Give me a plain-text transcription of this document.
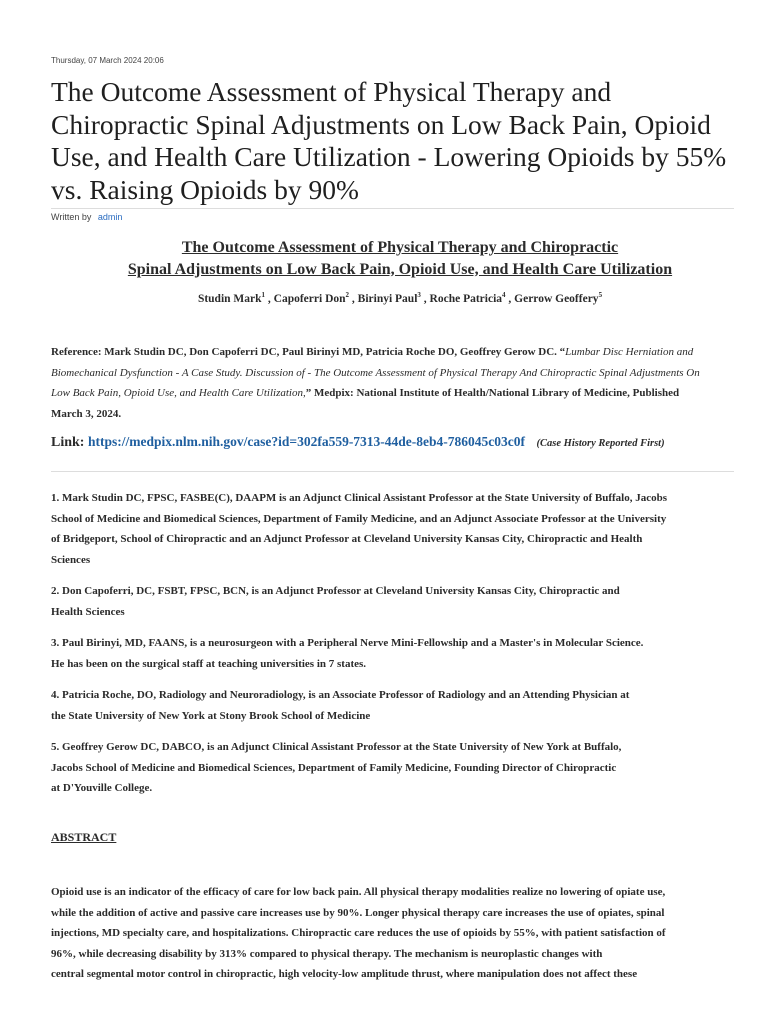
Thursday, 07 March 2024 20:06
The Outcome Assessment of Physical Therapy and Chiropractic Spinal Adjustments on Low Back Pain, Opioid Use, and Health Care Utilization - Lowering Opioids by 55% vs. Raising Opioids by 90%
Written by admin
The Outcome Assessment of Physical Therapy and Chiropractic
Spinal Adjustments on Low Back Pain, Opioid Use, and Health Care Utilization
Studin Mark$^1$ , Capoferri Don$^2$ , Birinyi Paul$^3$ , Roche Patricia$^4$ , Gerrow Geoffery$^5$
Reference: Mark Studin DC, Don Capoferri DC, Paul Birinyi MD, Patricia Roche DO, Geoffrey Gerow DC. “Lumbar Disc Herniation and Biomechanical Dysfunction - A Case Study. Discussion of - The Outcome Assessment of Physical Therapy And Chiropractic Spinal Adjustments On Low Back Pain, Opioid Use, and Health Care Utilization,” Medpix: National Institute of Health/National Library of Medicine, Published March 3, 2024.
Link: https://medpix.nlm.nih.gov/case?id=302fa559-7313-44de-8eb4-786045c03c0f (Case History Reported First)

1. Mark Studin DC, FPSC, FASBE(C), DAAPM is an Adjunct Clinical Assistant Professor at the State University of Buffalo, Jacobs
School of Medicine and Biomedical Sciences, Department of Family Medicine, and an Adjunct Associate Professor at the University
of Bridgeport, School of Chiropractic and an Adjunct Professor at Cleveland University Kansas City, Chiropractic and Health
Sciences

2. Don Capoferri, DC, FSBT, FPSC, BCN, is an Adjunct Professor at Cleveland University Kansas City, Chiropractic and
Health Sciences

3. Paul Birinyi, MD, FAANS, is a neurosurgeon with a Peripheral Nerve Mini-Fellowship and a Master's in Molecular Science.
He has been on the surgical staff at teaching universities in 7 states.

4. Patricia Roche, DO, Radiology and Neuroradiology, is an Associate Professor of Radiology and an Attending Physician at
the State University of New York at Stony Brook School of Medicine

5. Geoffrey Gerow DC, DABCO, is an Adjunct Clinical Assistant Professor at the State University of New York at Buffalo,
Jacobs School of Medicine and Biomedical Sciences, Department of Family Medicine, Founding Director of Chiropractic
at D'Youville College.

ABSTRACT

Opioid use is an indicator of the efficacy of care for low back pain. All physical therapy modalities realize no lowering of opiate use,
while the addition of active and passive care increases use by 90%. Longer physical therapy care increases the use of opiates, spinal
injections, MD specialty care, and hospitalizations. Chiropractic care reduces the use of opioids by 55%, with patient satisfaction of
96%, while decreasing disability by 313% compared to physical therapy. The mechanism is neuroplastic changes with
central segmental motor control in chiropractic, high velocity-low amplitude thrust, where manipulation does not affect these
